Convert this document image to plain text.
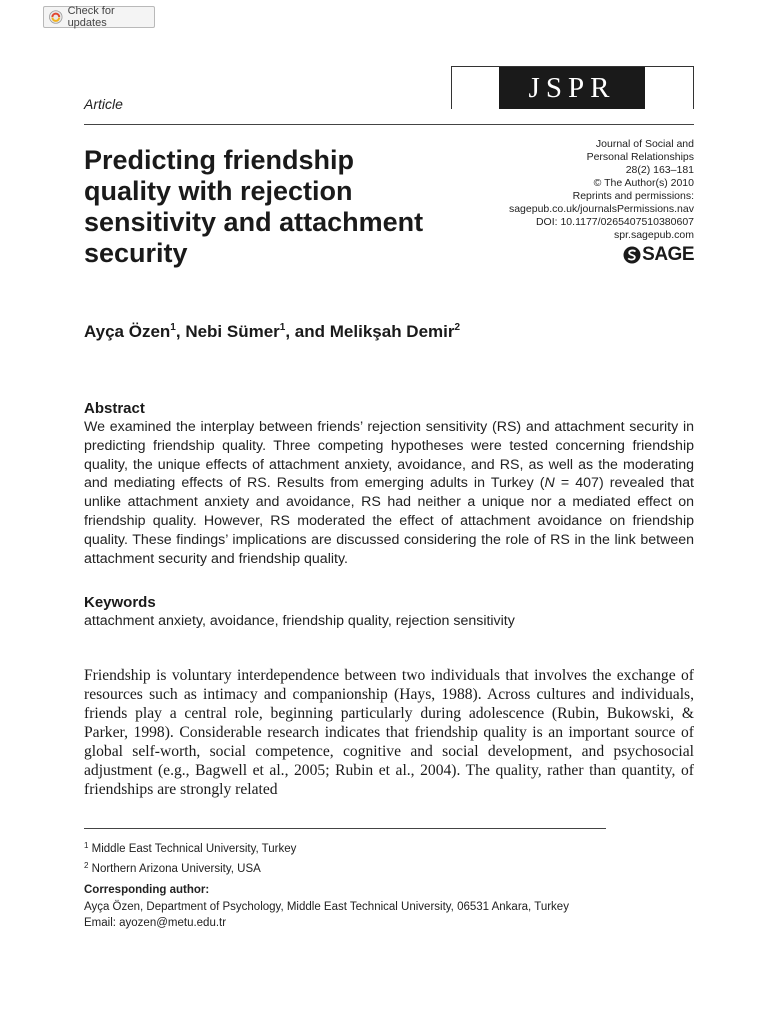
Check for updates
JSPR
Article
Predicting friendship quality with rejection sensitivity and attachment security
Journal of Social and
Personal Relationships
28(2) 163–181
© The Author(s) 2010
Reprints and permissions:
sagepub.co.uk/journalsPermissions.nav
DOI: 10.1177/0265407510380607
spr.sagepub.com
SAGE
Ayça Özen$^1$, Nebi Sümer$^1$, and Melikşah Demir$^2$
Abstract
We examined the interplay between friends’ rejection sensitivity (RS) and attachment security in predicting friendship quality. Three competing hypotheses were tested concerning friendship quality, the unique effects of attachment anxiety, avoidance, and RS, as well as the moderating and mediating effects of RS. Results from emerging adults in Turkey (N = 407) revealed that unlike attachment anxiety and avoidance, RS had neither a unique nor a mediated effect on friendship quality. However, RS moderated the effect of attachment avoidance on friendship quality. These findings’ implications are discussed considering the role of RS in the link between attachment security and friendship quality.
Keywords
attachment anxiety, avoidance, friendship quality, rejection sensitivity
Friendship is voluntary interdependence between two individuals that involves the exchange of resources such as intimacy and companionship (Hays, 1988). Across cultures and individuals, friends play a central role, beginning particularly during adolescence (Rubin, Bukowski, & Parker, 1998). Considerable research indicates that friendship quality is an important source of global self-worth, social competence, cognitive and social development, and psychosocial adjustment (e.g., Bagwell et al., 2005; Rubin et al., 2004). The quality, rather than quantity, of friendships are strongly related
$^1$ Middle East Technical University, Turkey
$^2$ Northern Arizona University, USA
Corresponding author:
Ayça Özen, Department of Psychology, Middle East Technical University, 06531 Ankara, Turkey
Email: ayozen@metu.edu.tr
